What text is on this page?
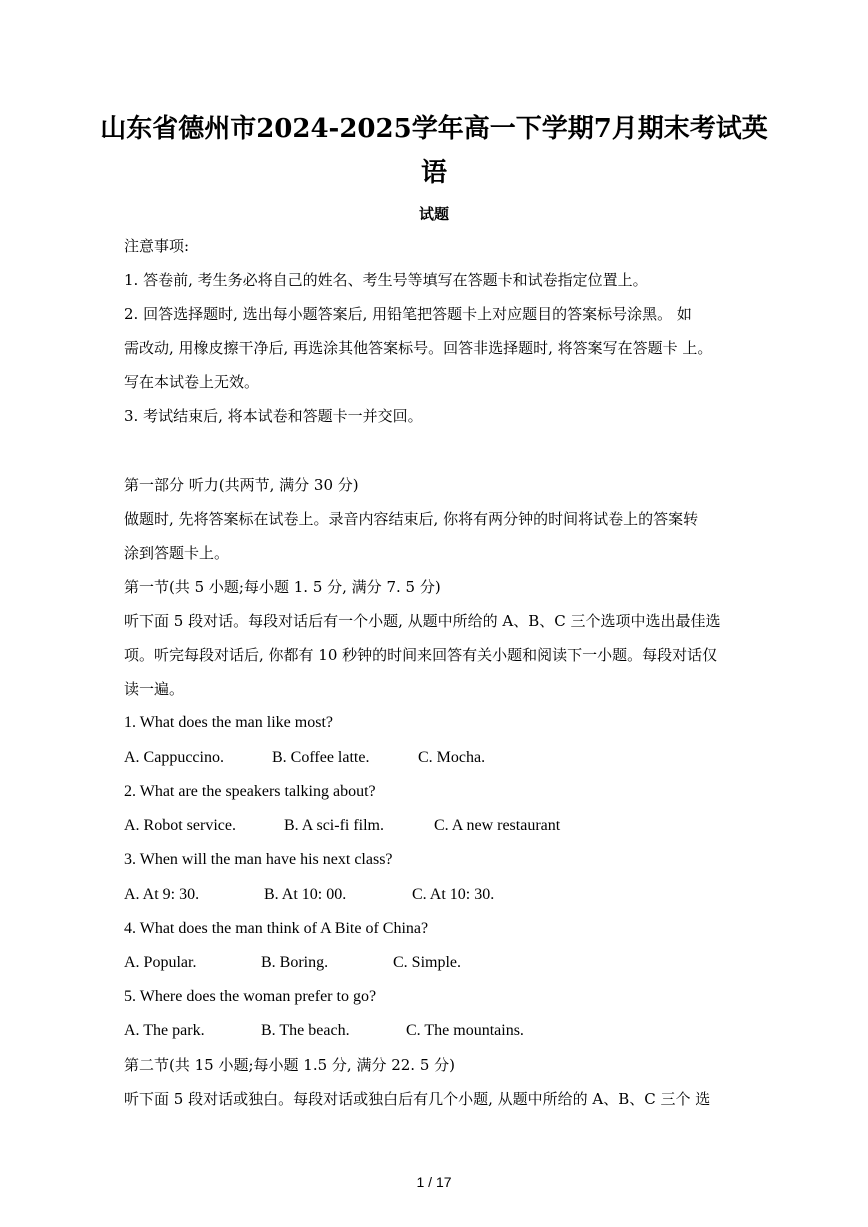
山东省德州市2024-2025学年高一下学期7月期末考试英
语
试题
注意事项:
1. 答卷前, 考生务必将自己的姓名、考生号等填写在答题卡和试卷指定位置上。
2. 回答选择题时, 选出每小题答案后, 用铅笔把答题卡上对应题目的答案标号涂黑。 如
需改动, 用橡皮擦干净后, 再选涂其他答案标号。回答非选择题时, 将答案写在答题卡 上。
写在本试卷上无效。
3. 考试结束后, 将本试卷和答题卡一并交回。
第一部分 听力(共两节, 满分 30 分)
做题时, 先将答案标在试卷上。录音内容结束后, 你将有两分钟的时间将试卷上的答案转
涂到答题卡上。
第一节(共 5 小题;每小题 1. 5 分, 满分 7. 5 分)
听下面 5 段对话。每段对话后有一个小题, 从题中所给的 A、B、C 三个选项中选出最佳选
项。听完每段对话后, 你都有 10 秒钟的时间来回答有关小题和阅读下一小题。每段对话仅
读一遍。
1. What does the man like most?
A. Cappuccino.	B. Coffee latte.	C. Mocha.
2. What are the speakers talking about?
A. Robot service.	B. A sci-fi film.	C. A new restaurant
3. When will the man have his next class?
A. At 9: 30.	B. At 10: 00.	C. At 10: 30.
4. What does the man think of A Bite of China?
A. Popular.	B. Boring.	C. Simple.
5. Where does the woman prefer to go?
A. The park.	B. The beach.	C. The mountains.
第二节(共 15 小题;每小题 1.5 分, 满分 22. 5 分)
听下面 5 段对话或独白。每段对话或独白后有几个小题, 从题中所给的 A、B、C 三个 选
1 / 17
